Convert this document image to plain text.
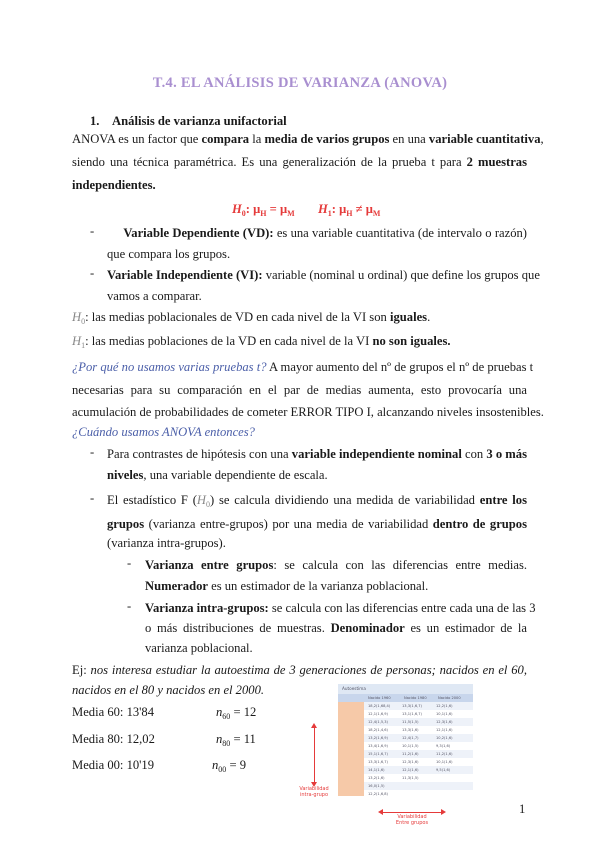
T.4. EL ANÁLISIS DE VARIANZA (ANOVA)
1. Análisis de varianza unifactorial
ANOVA es un factor que compara la media de varios grupos en una variable cuantitativa,
siendo una técnica paramétrica. Es una generalización de la prueba t para 2 muestras
independientes.
$H_0$: $\mu_H = \mu_M$ $H_1$: $\mu_H \ne \mu_M$
-	Variable Dependiente (VD): es una variable cuantitativa (de intervalo o razón)
que compara los grupos.
- Variable Independiente (VI): variable (nominal u ordinal) que define los grupos que
vamos a comparar.
$H_0$: las medias poblacionales de VD en cada nivel de la VI son iguales.
$H_1$: las medias poblaciones de la VD en cada nivel de la VI no son iguales.
¿Por qué no usamos varias pruebas t? A mayor aumento del nº de grupos el nº de pruebas t
necesarias para su comparación en el par de medias aumenta, esto provocaría una
acumulación de probabilidades de cometer ERROR TIPO I, alcanzando niveles insostenibles.
¿Cuándo usamos ANOVA entonces?
- Para contrastes de hipótesis con una variable independiente nominal con 3 o más
niveles, una variable dependiente de escala.
- El estadístico F $(H_0)$ se calcula dividiendo una medida de variabilidad entre los
grupos (varianza entre-grupos) por una media de variabilidad dentro de grupos
(varianza intra-grupos).
- Varianza entre grupos: se calcula con las diferencias entre medias.
Numerador es un estimador de la varianza poblacional.
- Varianza intra-grupos: se calcula con las diferencias entre cada una de las 3
o más distribuciones de muestras. Denominador es un estimador de la
varianza poblacional.
Ej: nos interesa estudiar la autoestima de 3 generaciones de personas; nacidos en el 60,
nacidos en el 80 y nacidos en el 2000.
Media 60: 13'84	$n_{60} = 12$
Media 80: 12,02	$n_{80} = 11$
Media 00: 10'19	$n_{00} = 9$
Autoestima
Nacido 1960	Nacido 1980	Nacido 2000
18,2(1,68,4)	13,3(1,6,7)	12,2(1,6)
12,1(1,6,9)	13,1(1,6,7)	10,1(1,6)
12,4(1,5,3)	11,5(1,5)	12,3(1,6)
18,2(1,4,6)	13,3(1,6)	12,1(1,6)
13,2(1,6,9)	12,4(1,7)	10,2(1,6)
13,4(1,6,9)	10,1(1,5)	9,3(1,6)
15,1(1,6,7)	11,2(1,6)	11,2(1,6)
13,3(1,6,7)	12,3(1,6)	10,1(1,6)
14,1(1,6)	12,1(1,6)	9,5(1,6)
13,2(1,6)	11,3(1,5)
16,0(1,5)
12,2(1,6,8)
Variabilidad
intra-grupo
Variabilidad
Entre grupos
1
